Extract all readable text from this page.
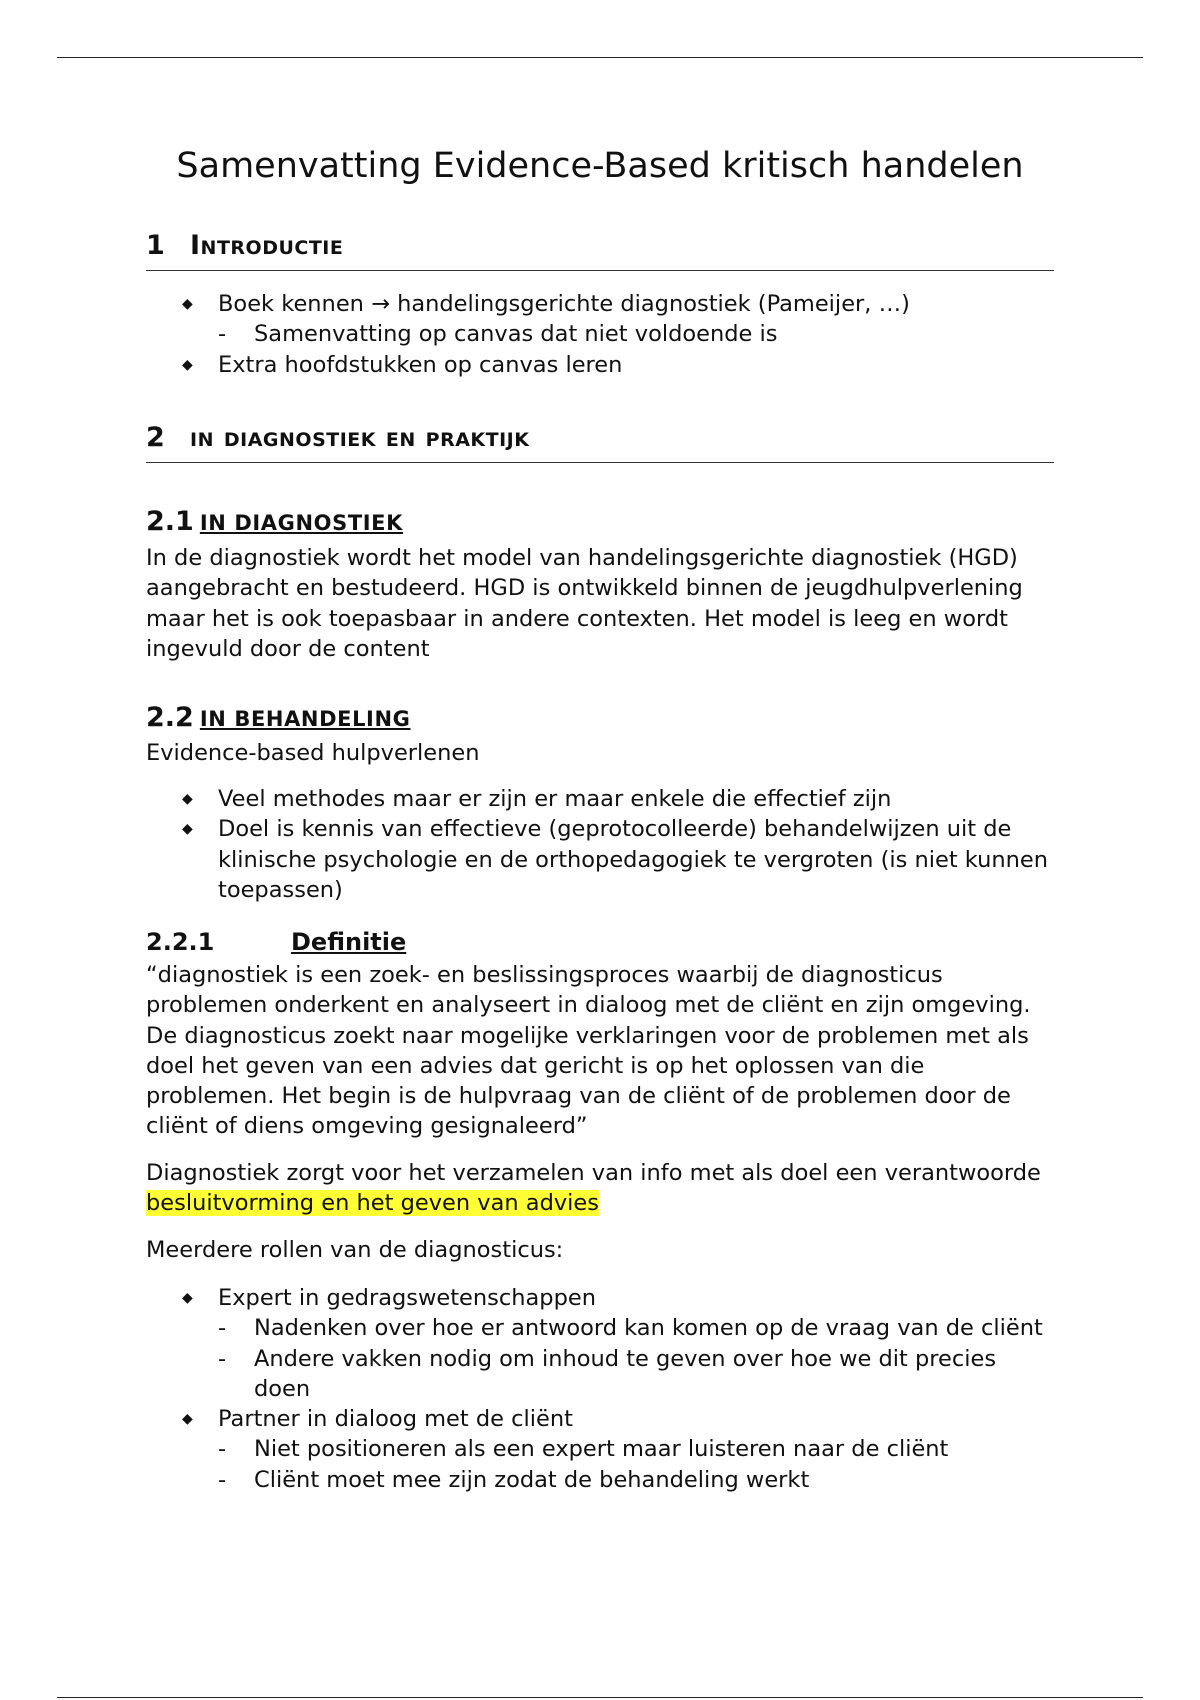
Samenvatting Evidence-Based kritisch handelen
1 Introductie
◆ Boek kennen → handelingsgerichte diagnostiek (Pameijer, …)
- Samenvatting op canvas dat niet voldoende is
◆ Extra hoofdstukken op canvas leren
2 in diagnostiek en praktijk
2.1 IN DIAGNOSTIEK

In de diagnostiek wordt het model van handelingsgerichte diagnostiek (HGD) aangebracht en bestudeerd. HGD is ontwikkeld binnen de jeugdhulpverlening maar het is ook toepasbaar in andere contexten. Het model is leeg en wordt ingevuld door de content

2.2 IN BEHANDELING

Evidence-based hulpverlenen

◆ Veel methodes maar er zijn er maar enkele die effectief zijn
◆ Doel is kennis van effectieve (geprotocolleerde) behandelwijzen uit de klinische psychologie en de orthopedagogiek te vergroten (is niet kunnen toepassen)
2.2.1	Definitie

“diagnostiek is een zoek- en beslissingsproces waarbij de diagnosticus problemen onderkent en analyseert in dialoog met de cliënt en zijn omgeving. De diagnosticus zoekt naar mogelijke verklaringen voor de problemen met als doel het geven van een advies dat gericht is op het oplossen van die problemen. Het begin is de hulpvraag van de cliënt of de problemen door de cliënt of diens omgeving gesignaleerd”

Diagnostiek zorgt voor het verzamelen van info met als doel een verantwoorde besluitvorming en het geven van advies

Meerdere rollen van de diagnosticus:

◆ Expert in gedragswetenschappen
- Nadenken over hoe er antwoord kan komen op de vraag van de cliënt
- Andere vakken nodig om inhoud te geven over hoe we dit precies doen
◆ Partner in dialoog met de cliënt
- Niet positioneren als een expert maar luisteren naar de cliënt
- Cliënt moet mee zijn zodat de behandeling werkt
